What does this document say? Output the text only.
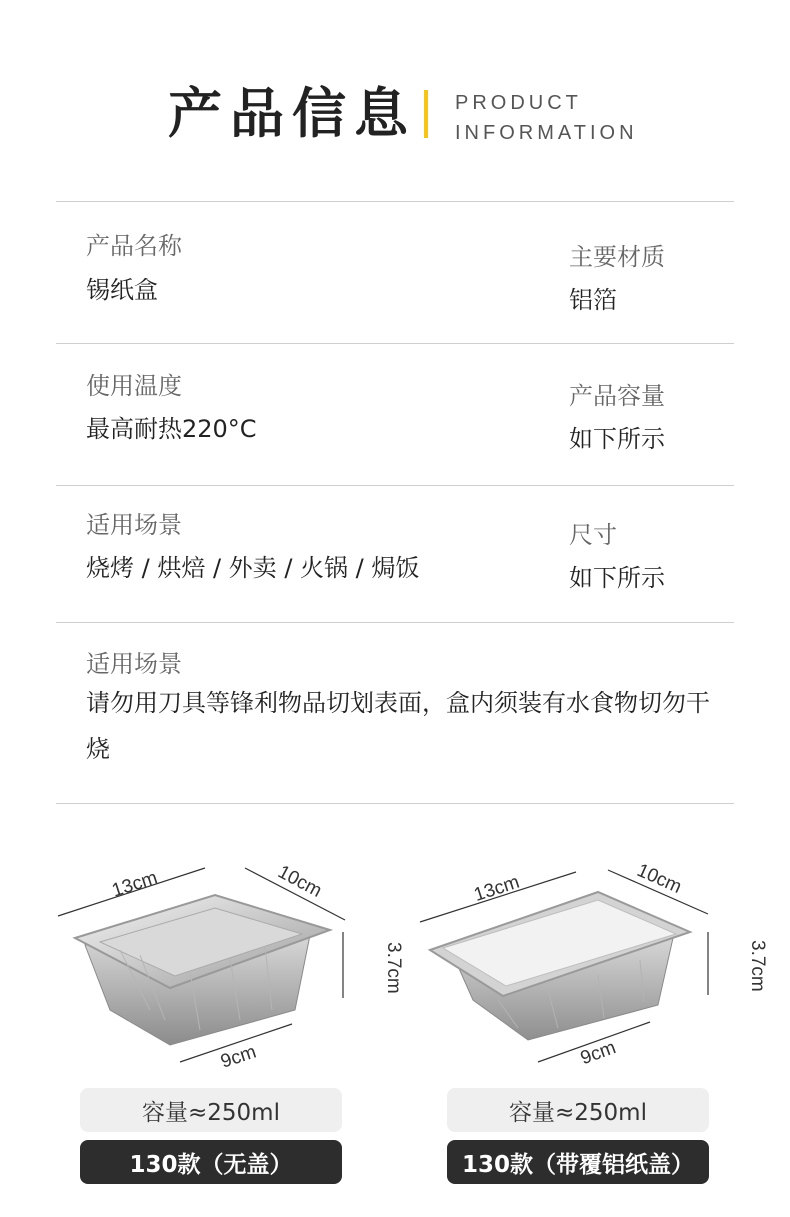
产品信息 PRODUCT
INFORMATION
产品名称
锡纸盒
主要材质
铝箔
使用温度
最高耐热220°C
产品容量
如下所示
适用场景
烧烤 / 烘焙 / 外卖 / 火锅 / 焗饭
尺寸
如下所示
适用场景
请勿用刀具等锋利物品切划表面，盒内须装有水食物切勿干烧
13cm	10cm
3.7cm
9cm
13cm	10cm
3.7cm
9cm
容量≈250ml
130款（无盖）
容量≈250ml
130款（带覆铝纸盖）
